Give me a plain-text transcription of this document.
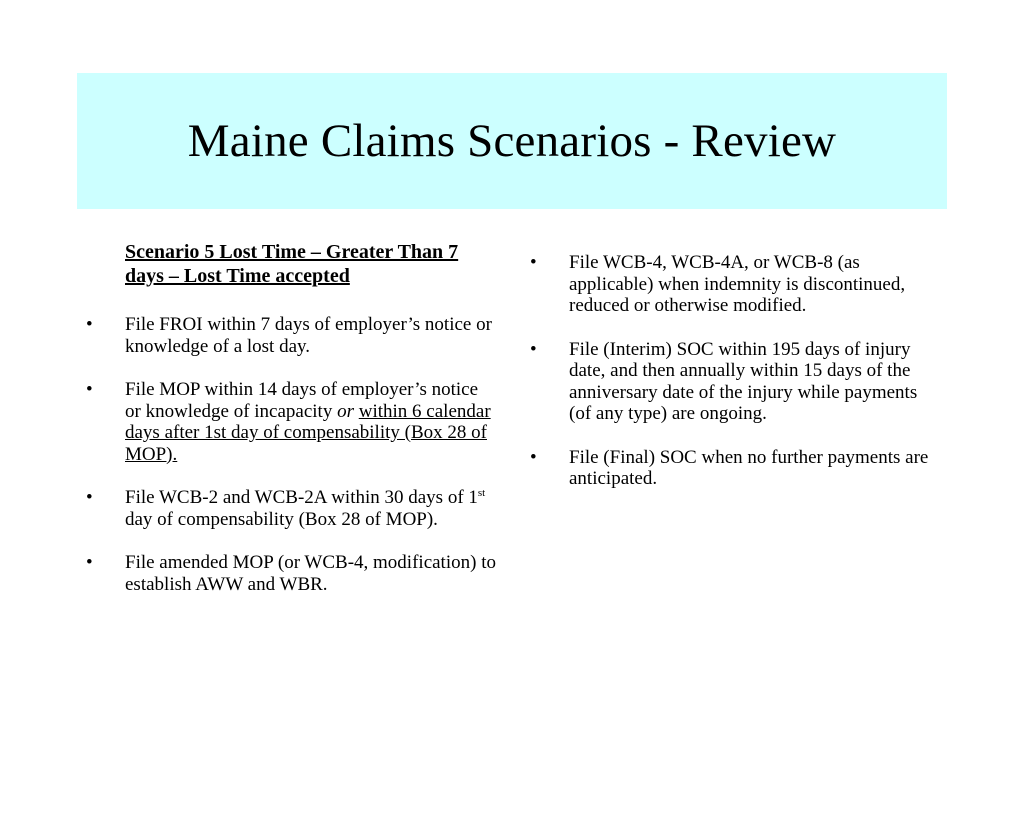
Maine Claims Scenarios - Review
Scenario 5 Lost Time – Greater Than 7 days – Lost Time accepted
•	File FROI within 7 days of employer’s notice or knowledge of a lost day.
•	File MOP within 14 days of employer’s notice or knowledge of incapacity or within 6 calendar days after 1st day of compensability (Box 28 of MOP).
•	File WCB-2 and WCB-2A within 30 days of 1st day of compensability (Box 28 of MOP).
•	File amended MOP (or WCB-4, modification) to establish AWW and WBR.
•	File WCB-4, WCB-4A, or WCB-8 (as applicable) when indemnity is discontinued, reduced or otherwise modified.
•	File (Interim) SOC within 195 days of injury date, and then annually within 15 days of the anniversary date of the injury while payments (of any type) are ongoing.
•	File (Final) SOC when no further payments are anticipated.
